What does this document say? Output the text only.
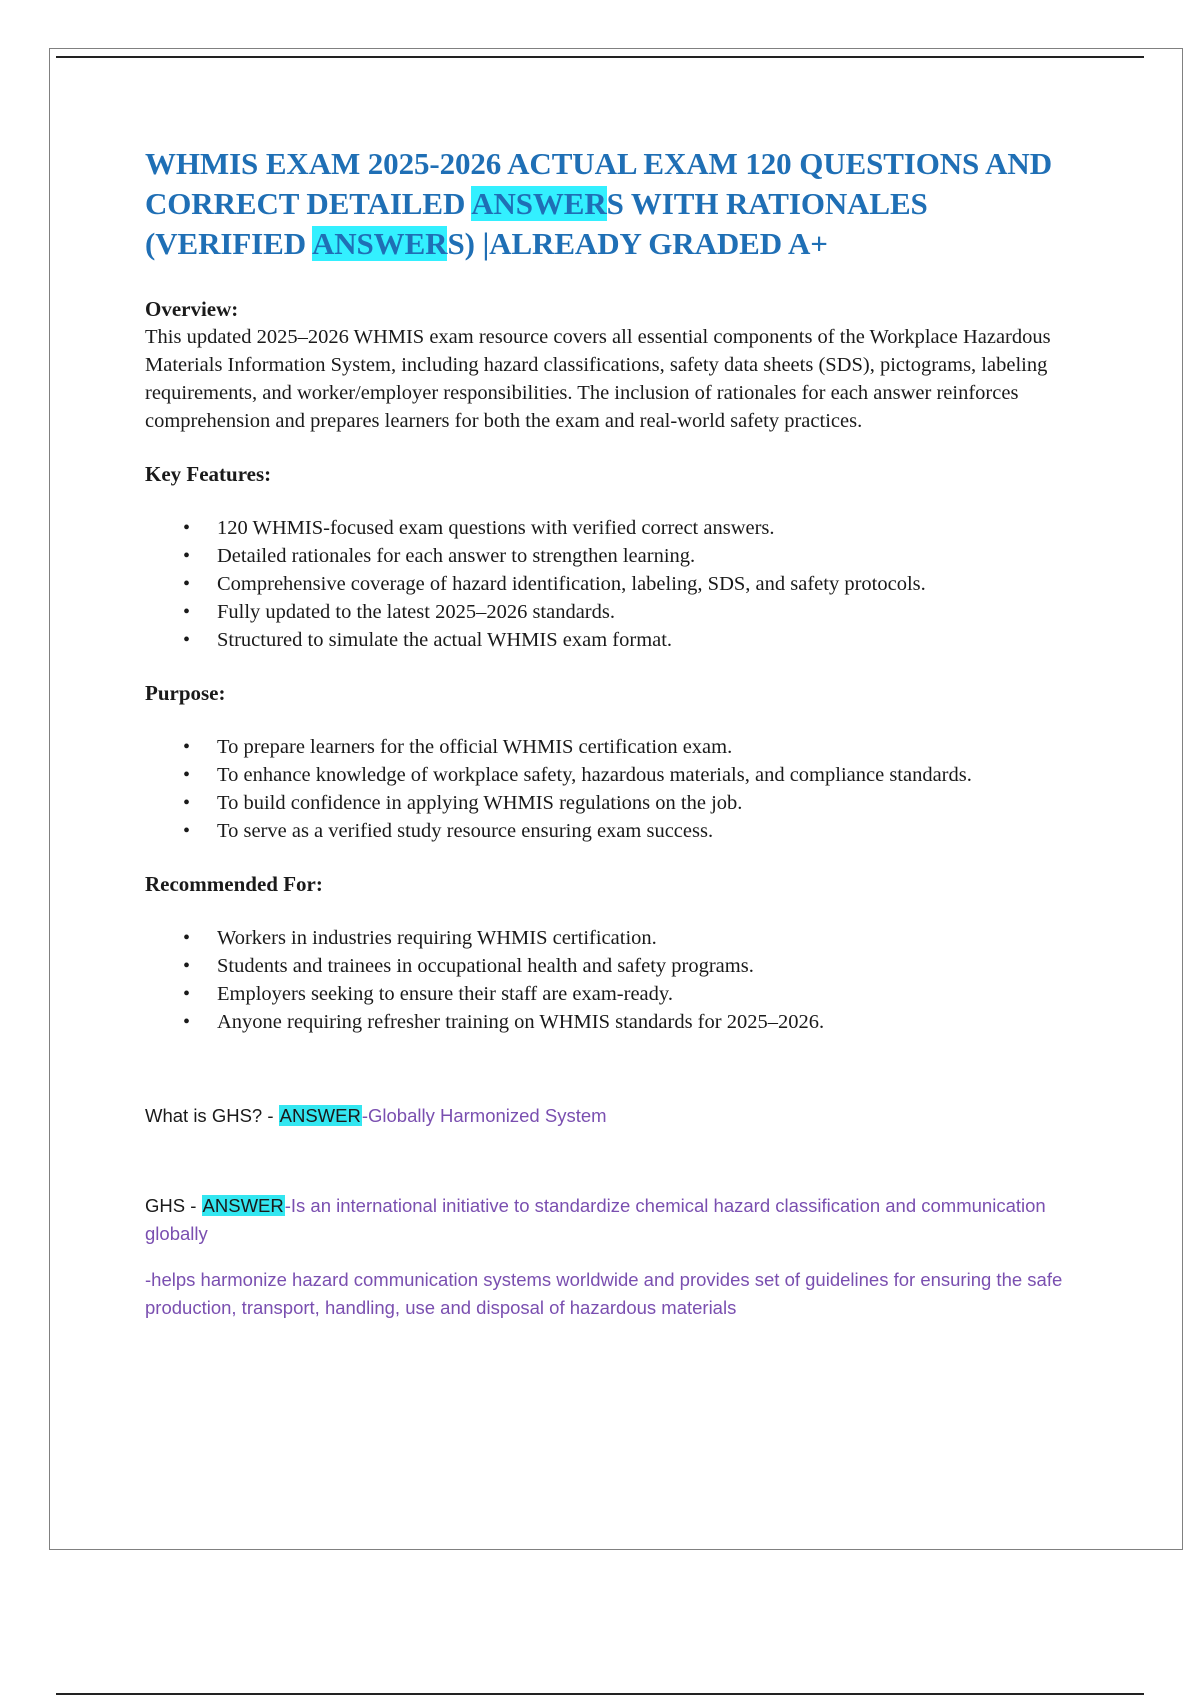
WHMIS EXAM 2025-2026 ACTUAL EXAM 120 QUESTIONS AND CORRECT DETAILED ANSWERS WITH RATIONALES (VERIFIED ANSWERS) |ALREADY GRADED A+

Overview:

This updated 2025–2026 WHMIS exam resource covers all essential components of the Workplace Hazardous Materials Information System, including hazard classifications, safety data sheets (SDS), pictograms, labeling requirements, and worker/employer responsibilities. The inclusion of rationales for each answer reinforces comprehension and prepares learners for both the exam and real-world safety practices.

Key Features:

• 120 WHMIS-focused exam questions with verified correct answers.
• Detailed rationales for each answer to strengthen learning.
• Comprehensive coverage of hazard identification, labeling, SDS, and safety protocols.
• Fully updated to the latest 2025–2026 standards.
• Structured to simulate the actual WHMIS exam format.

Purpose:

• To prepare learners for the official WHMIS certification exam.
• To enhance knowledge of workplace safety, hazardous materials, and compliance standards.
• To build confidence in applying WHMIS regulations on the job.
• To serve as a verified study resource ensuring exam success.

Recommended For:

• Workers in industries requiring WHMIS certification.
• Students and trainees in occupational health and safety programs.
• Employers seeking to ensure their staff are exam-ready.
• Anyone requiring refresher training on WHMIS standards for 2025–2026.

What is GHS? - ANSWER-Globally Harmonized System

GHS - ANSWER-Is an international initiative to standardize chemical hazard classification and communication globally

-helps harmonize hazard communication systems worldwide and provides set of guidelines for ensuring the safe production, transport, handling, use and disposal of hazardous materials
